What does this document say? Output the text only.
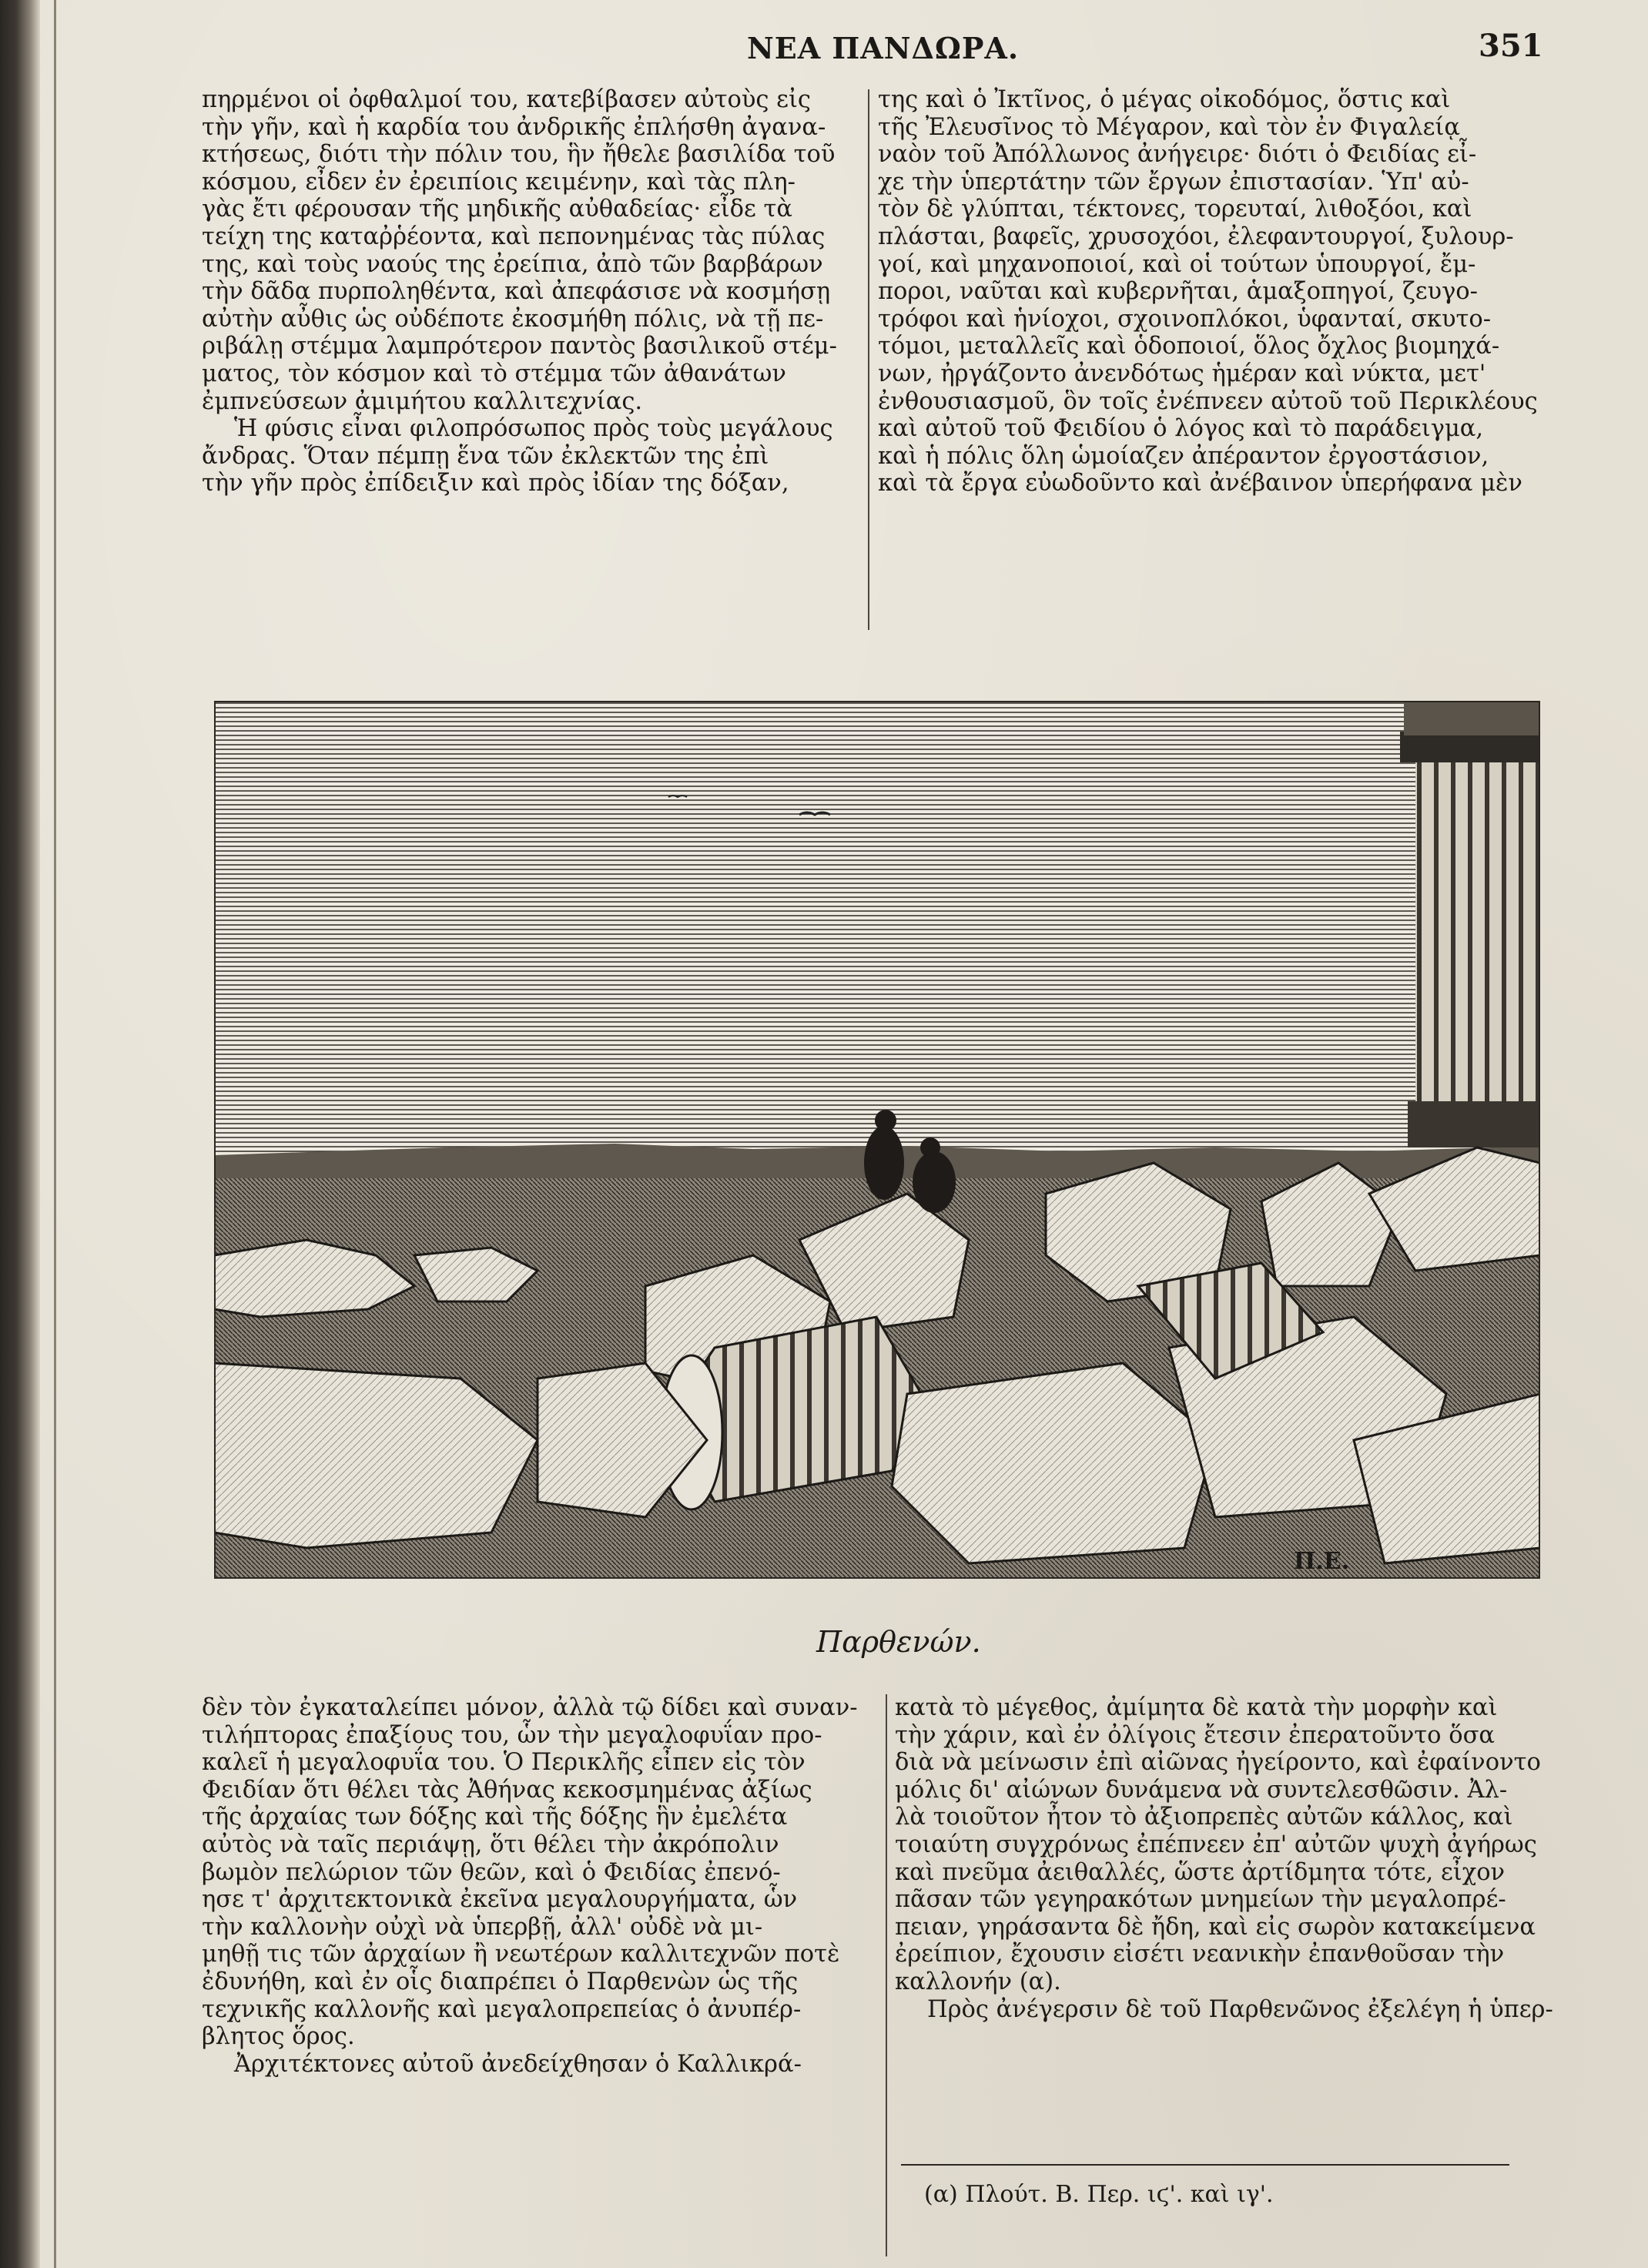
ΝΕΑ ΠΑΝΔΩΡΑ.	351

πηρμένοι οἱ ὀφθαλμοί του, κατεβίβασεν αὐτοὺς εἰς

τὴν γῆν, καὶ ἡ καρδία του ἀνδρικῆς ἐπλήσθη ἀγανα-

κτήσεως, διότι τὴν πόλιν του, ἣν ἤθελε βασιλίδα τοῦ

κόσμου, εἶδεν ἐν ἐρειπίοις κειμένην, καὶ τὰς πλη-

γὰς ἔτι φέρουσαν τῆς μηδικῆς αὐθαδείας· εἶδε τὰ

τείχη της καταῤῥέοντα, καὶ πεπονημένας τὰς πύλας

της, καὶ τοὺς ναούς της ἐρείπια, ἀπὸ τῶν βαρβάρων

τὴν δᾶδα πυρποληθέντα, καὶ ἀπεφάσισε νὰ κοσμήσῃ

αὐτὴν αὖθις ὡς οὐδέποτε ἐκοσμήθη πόλις, νὰ τῇ πε-

ριβάλῃ στέμμα λαμπρότερον παντὸς βασιλικοῦ στέμ-

ματος, τὸν κόσμον καὶ τὸ στέμμα τῶν ἀθανάτων

ἐμπνεύσεων ἀμιμήτου καλλιτεχνίας.

Ἡ φύσις εἶναι φιλοπρόσωπος πρὸς τοὺς μεγάλους

ἄνδρας. Ὅταν πέμπῃ ἕνα τῶν ἐκλεκτῶν της ἐπὶ

τὴν γῆν πρὸς ἐπίδειξιν καὶ πρὸς ἰδίαν της δόξαν,

της καὶ ὁ Ἰκτῖνος, ὁ μέγας οἰκοδόμος, ὅστις καὶ

τῆς Ἐλευσῖνος τὸ Μέγαρον, καὶ τὸν ἐν Φιγαλείᾳ

ναὸν τοῦ Ἀπόλλωνος ἀνήγειρε· διότι ὁ Φειδίας εἶ-

χε τὴν ὑπερτάτην τῶν ἔργων ἐπιστασίαν. Ὑπ' αὐ-

τὸν δὲ γλύπται, τέκτονες, τορευταί, λιθοξόοι, καὶ

πλάσται, βαφεῖς, χρυσοχόοι, ἐλεφαντουργοί, ξυλουρ-

γοί, καὶ μηχανοποιοί, καὶ οἱ τούτων ὑπουργοί, ἔμ-

ποροι, ναῦται καὶ κυβερνῆται, ἁμαξοπηγοί, ζευγο-

τρόφοι καὶ ἡνίοχοι, σχοινοπλόκοι, ὑφανταί, σκυτο-

τόμοι, μεταλλεῖς καὶ ὁδοποιοί, ὅλος ὄχλος βιομηχά-

νων, ἠργάζοντο ἀνενδότως ἡμέραν καὶ νύκτα, μετ'

ἐνθουσιασμοῦ, ὃν τοῖς ἐνέπνεεν αὐτοῦ τοῦ Περικλέους

καὶ αὐτοῦ τοῦ Φειδίου ὁ λόγος καὶ τὸ παράδειγμα,

καὶ ἡ πόλις ὅλη ὡμοίαζεν ἀπέραντον ἐργοστάσιον,

καὶ τὰ ἔργα εὐωδοῦντο καὶ ἀνέβαινον ὑπερήφανα μὲν

Π.Ε.
Παρθενών.

δὲν τὸν ἐγκαταλείπει μόνον, ἀλλὰ τῷ δίδει καὶ συναν-

τιλήπτορας ἐπαξίους του, ὧν τὴν μεγαλοφυΐαν προ-

καλεῖ ἡ μεγαλοφυΐα του. Ὁ Περικλῆς εἶπεν εἰς τὸν

Φειδίαν ὅτι θέλει τὰς Ἀθήνας κεκοσμημένας ἀξίως

τῆς ἀρχαίας των δόξης καὶ τῆς δόξης ἣν ἐμελέτα

αὐτὸς νὰ ταῖς περιάψῃ, ὅτι θέλει τὴν ἀκρόπολιν

βωμὸν πελώριον τῶν θεῶν, καὶ ὁ Φειδίας ἐπενό-

ησε τ' ἀρχιτεκτονικὰ ἐκεῖνα μεγαλουργήματα, ὧν

τὴν καλλονὴν οὐχὶ νὰ ὑπερβῇ, ἀλλ' οὐδὲ νὰ μι-

μηθῇ τις τῶν ἀρχαίων ἢ νεωτέρων καλλιτεχνῶν ποτὲ

ἐδυνήθη, καὶ ἐν οἷς διαπρέπει ὁ Παρθενὼν ὡς τῆς

τεχνικῆς καλλονῆς καὶ μεγαλοπρεπείας ὁ ἀνυπέρ-

βλητος ὅρος.

Ἀρχιτέκτονες αὐτοῦ ἀνεδείχθησαν ὁ Καλλικρά-

κατὰ τὸ μέγεθος, ἀμίμητα δὲ κατὰ τὴν μορφὴν καὶ

τὴν χάριν, καὶ ἐν ὀλίγοις ἔτεσιν ἐπερατοῦντο ὅσα

διὰ νὰ μείνωσιν ἐπὶ αἰῶνας ἠγείροντο, καὶ ἐφαίνοντο

μόλις δι' αἰώνων δυνάμενα νὰ συντελεσθῶσιν. Ἀλ-

λὰ τοιοῦτον ἦτον τὸ ἀξιοπρεπὲς αὐτῶν κάλλος, καὶ

τοιαύτη συγχρόνως ἐπέπνεεν ἐπ' αὐτῶν ψυχὴ ἀγήρως

καὶ πνεῦμα ἀειθαλλές, ὥστε ἀρτίδμητα τότε, εἶχον

πᾶσαν τῶν γεγηρακότων μνημείων τὴν μεγαλοπρέ-

πειαν, γηράσαντα δὲ ἤδη, καὶ εἰς σωρὸν κατακείμενα

ἐρείπιον, ἔχουσιν εἰσέτι νεανικὴν ἐπανθοῦσαν τὴν

καλλονήν (α).

Πρὸς ἀνέγερσιν δὲ τοῦ Παρθενῶνος ἐξελέγη ἡ ὑπερ-

(α) Πλούτ. Β. Περ. ιϛ'. καὶ ιγ'.
